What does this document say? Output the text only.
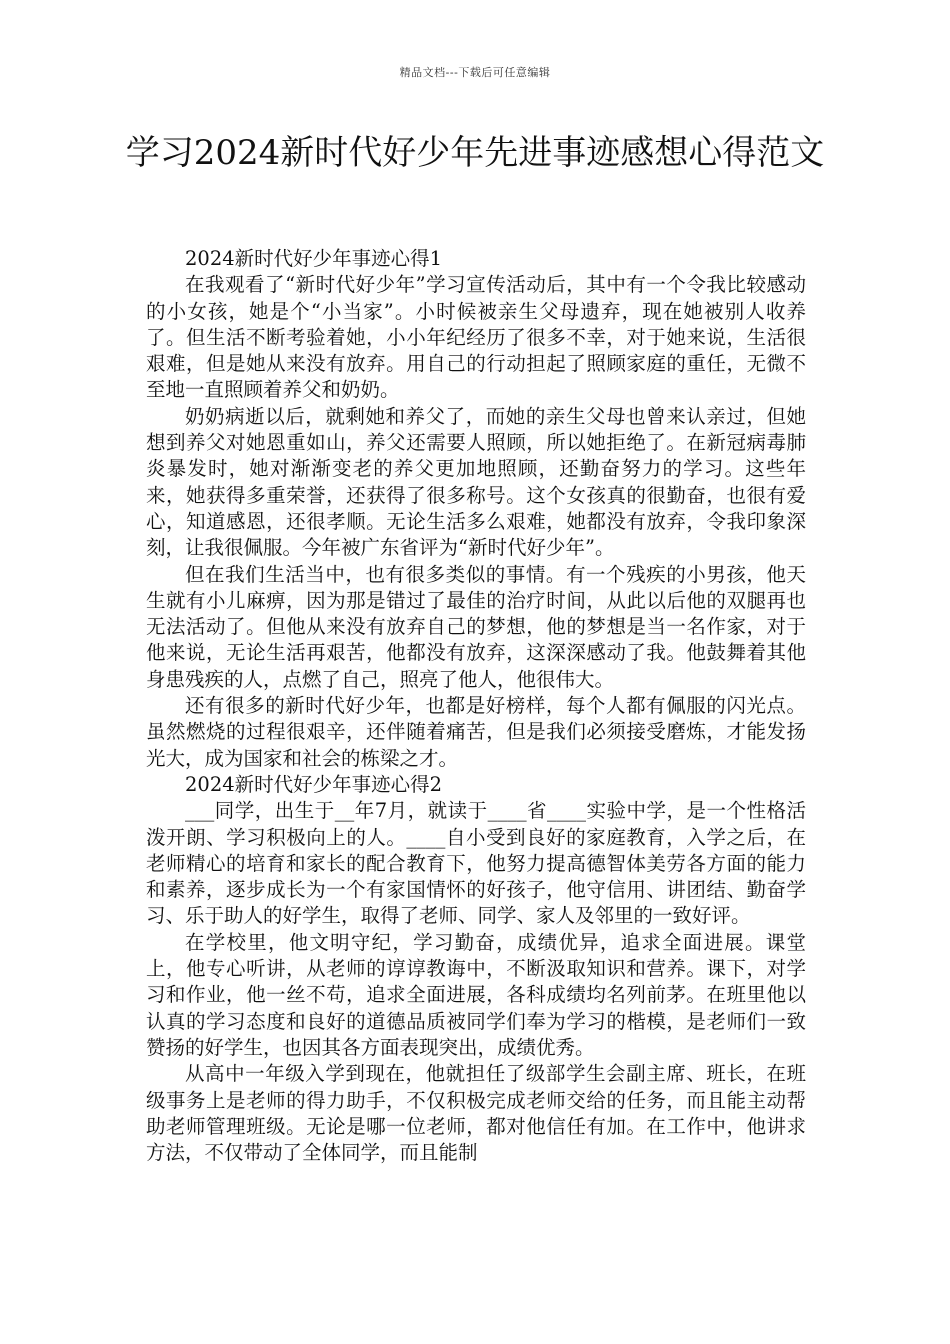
精品文档---下载后可任意编辑
学习2024新时代好少年先进事迹感想心得范文

2024新时代好少年事迹心得1

在我观看了“新时代好少年”学习宣传活动后，其中有一个令我比较感动的小女孩，她是个“小当家”。小时候被亲生父母遗弃，现在她被别人收养了。但生活不断考验着她，小小年纪经历了很多不幸，对于她来说，生活很艰难，但是她从来没有放弃。用自己的行动担起了照顾家庭的重任，无微不至地一直照顾着养父和奶奶。

奶奶病逝以后，就剩她和养父了，而她的亲生父母也曾来认亲过，但她想到养父对她恩重如山，养父还需要人照顾，所以她拒绝了。在新冠病毒肺炎暴发时，她对渐渐变老的养父更加地照顾，还勤奋努力的学习。这些年来，她获得多重荣誉，还获得了很多称号。这个女孩真的很勤奋，也很有爱心，知道感恩，还很孝顺。无论生活多么艰难，她都没有放弃，令我印象深刻，让我很佩服。今年被广东省评为“新时代好少年”。

但在我们生活当中，也有很多类似的事情。有一个残疾的小男孩，他天生就有小儿麻痹，因为那是错过了最佳的治疗时间，从此以后他的双腿再也无法活动了。但他从来没有放弃自己的梦想，他的梦想是当一名作家，对于他来说，无论生活再艰苦，他都没有放弃，这深深感动了我。他鼓舞着其他身患残疾的人，点燃了自己，照亮了他人，他很伟大。

还有很多的新时代好少年，也都是好榜样，每个人都有佩服的闪光点。虽然燃烧的过程很艰辛，还伴随着痛苦，但是我们必须接受磨炼，才能发扬光大，成为国家和社会的栋梁之才。

2024新时代好少年事迹心得2

___同学，出生于__年7月，就读于____省____实验中学，是一个性格活泼开朗、学习积极向上的人。____自小受到良好的家庭教育，入学之后，在老师精心的培育和家长的配合教育下，他努力提高德智体美劳各方面的能力和素养，逐步成长为一个有家国情怀的好孩子，他守信用、讲团结、勤奋学习、乐于助人的好学生，取得了老师、同学、家人及邻里的一致好评。

在学校里，他文明守纪，学习勤奋，成绩优异，追求全面进展。课堂上，他专心听讲，从老师的谆谆教诲中，不断汲取知识和营养。课下，对学习和作业，他一丝不苟，追求全面进展，各科成绩均名列前茅。在班里他以认真的学习态度和良好的道德品质被同学们奉为学习的楷模，是老师们一致赞扬的好学生，也因其各方面表现突出，成绩优秀。

从高中一年级入学到现在，他就担任了级部学生会副主席、班长，在班级事务上是老师的得力助手，不仅积极完成老师交给的任务，而且能主动帮助老师管理班级。无论是哪一位老师，都对他信任有加。在工作中，他讲求方法，不仅带动了全体同学，而且能制
